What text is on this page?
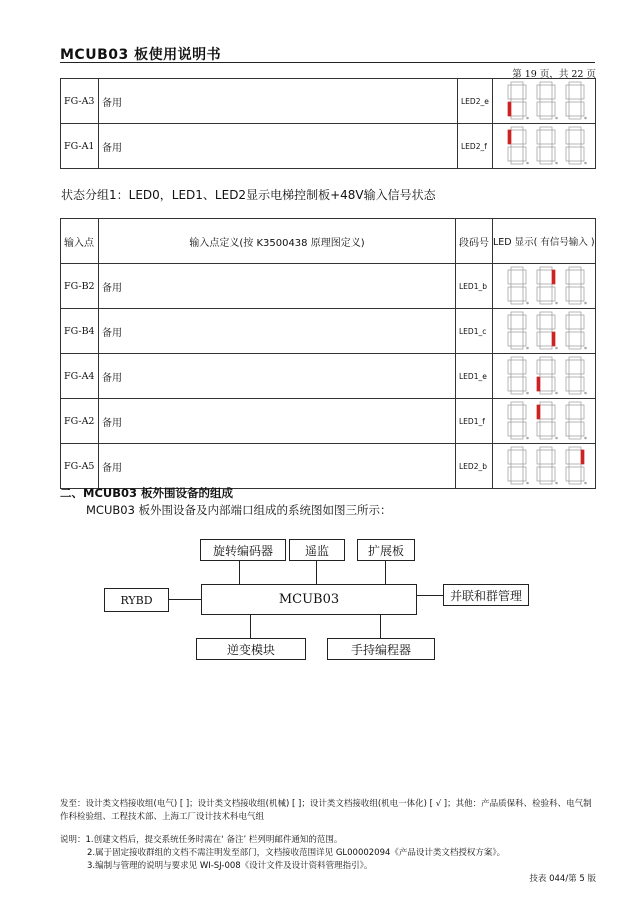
MCUB03 板使用说明书
第 19 页，共 22 页
FG-A3	备用	LED2_e	

FG-A1	备用	LED2_f	
状态分组1：LED0，LED1、LED2显示电梯控制板+48V输入信号状态
输入点	输入点定义(按 K3500438 原理图定义)	段码号	LED 显示( 有信号输入 )
FG-B2	备用	LED1_b	

FG-B4	备用	LED1_c	

FG-A4	备用	LED1_e	

FG-A2	备用	LED1_f	

FG-A5	备用	LED2_b	
二、MCUB03 板外围设备的组成
MCUB03 板外围设备及内部端口组成的系统图如图三所示：
旋转编码器	遥监	扩展板
RYBD	MCUB03	并联和群管理
逆变模块	手持编程器
发至：设计类文档接收组(电气) [ ]；设计类文档接收组(机械) [ ]；设计类文档接收组(机电一体化) [ √ ]；其他：产品质保科、检验科、电气制作科检验组、工程技术部、上海工厂设计技术科电气组
说明：1.创建文档后，提交系统任务时需在‘ 备注’ 栏列明邮件通知的范围。
2.属于固定接收群组的文档不需注明发至部门，文档接收范围详见 GL00002094《产品设计类文档授权方案》。
3.编制与管理的说明与要求见 WI-SJ-008《设计文件及设计资料管理指引》。
技表 044/第 5 版
